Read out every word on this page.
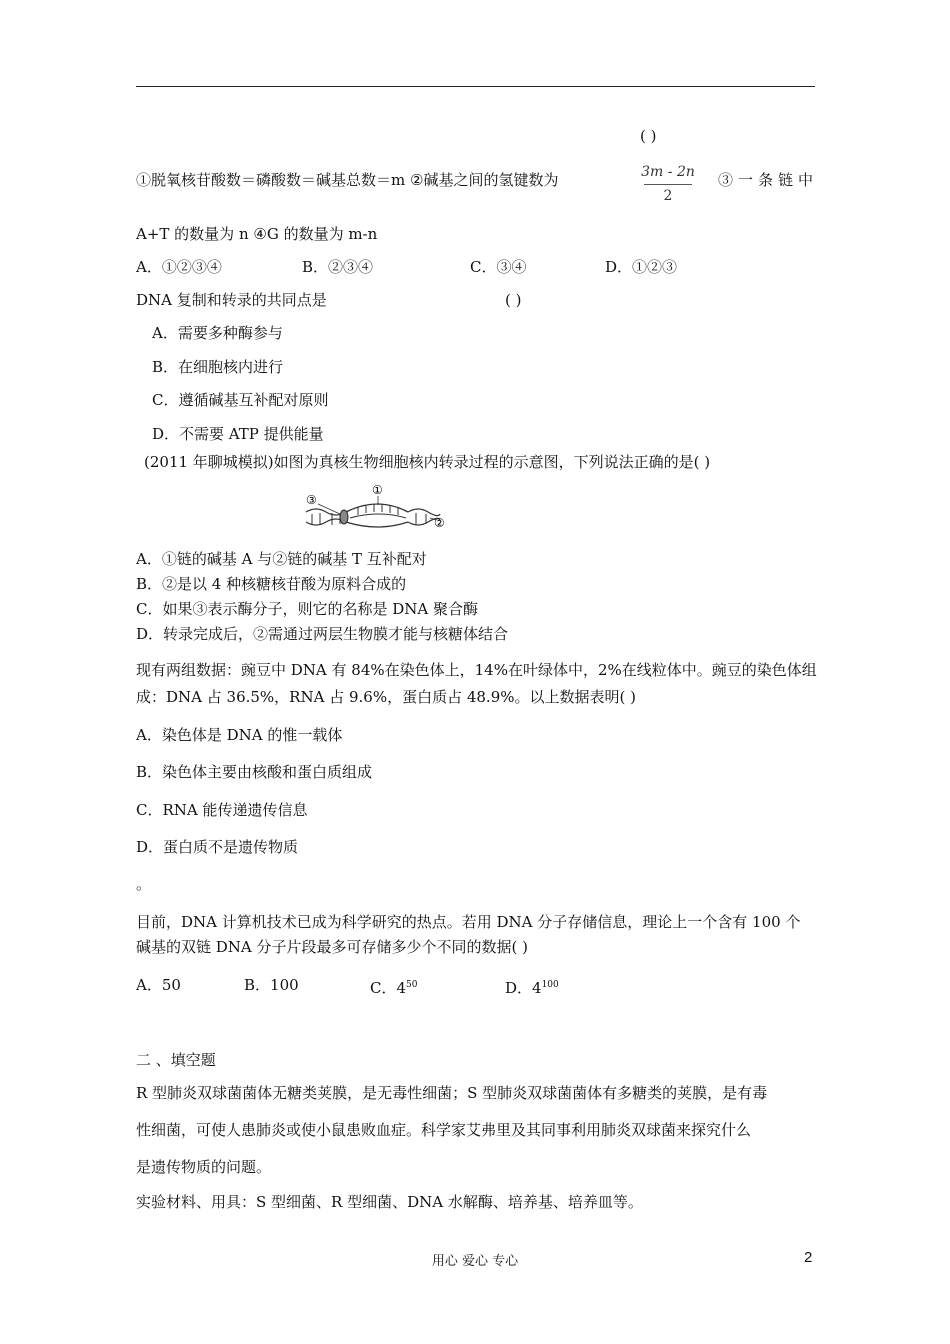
( )
①脱氧核苷酸数＝磷酸数＝碱基总数＝m ②碱基之间的氢键数为	3m - 2n
2
③一条链中
A+T 的数量为 n ④G 的数量为 m-n
A．①②③④	B．②③④	C．③④	D．①②③
DNA 复制和转录的共同点是	( )
A．需要多种酶参与
B．在细胞核内进行
C．遵循碱基互补配对原则
D．不需要 ATP 提供能量
(2011 年聊城模拟)如图为真核生物细胞核内转录过程的示意图，下列说法正确的是( )
③
①
②
A．①链的碱基 A 与②链的碱基 T 互补配对
B．②是以 4 种核糖核苷酸为原料合成的
C．如果③表示酶分子，则它的名称是 DNA 聚合酶
D．转录完成后，②需通过两层生物膜才能与核糖体结合
现有两组数据：豌豆中 DNA 有 84%在染色体上，14%在叶绿体中，2%在线粒体中。豌豆的染色体组
成：DNA 占 36.5%，RNA 占 9.6%，蛋白质占 48.9%。以上数据表明( )
A．染色体是 DNA 的惟一载体
B．染色体主要由核酸和蛋白质组成
C．RNA 能传递遗传信息
D．蛋白质不是遗传物质
。
目前，DNA 计算机技术已成为科学研究的热点。若用 DNA 分子存储信息，理论上一个含有 100 个
碱基的双链 DNA 分子片段最多可存储多少个不同的数据( )
A．50	B．100	C．$4^{50}$	D．$4^{100}$
二 、填空题
R 型肺炎双球菌菌体无糖类荚膜，是无毒性细菌；S 型肺炎双球菌菌体有多糖类的荚膜，是有毒
性细菌，可使人患肺炎或使小鼠患败血症。科学家艾弗里及其同事利用肺炎双球菌来探究什么
是遗传物质的问题。
实验材料、用具：S 型细菌、R 型细菌、DNA 水解酶、培养基、培养皿等。
用心 爱心 专心	2
